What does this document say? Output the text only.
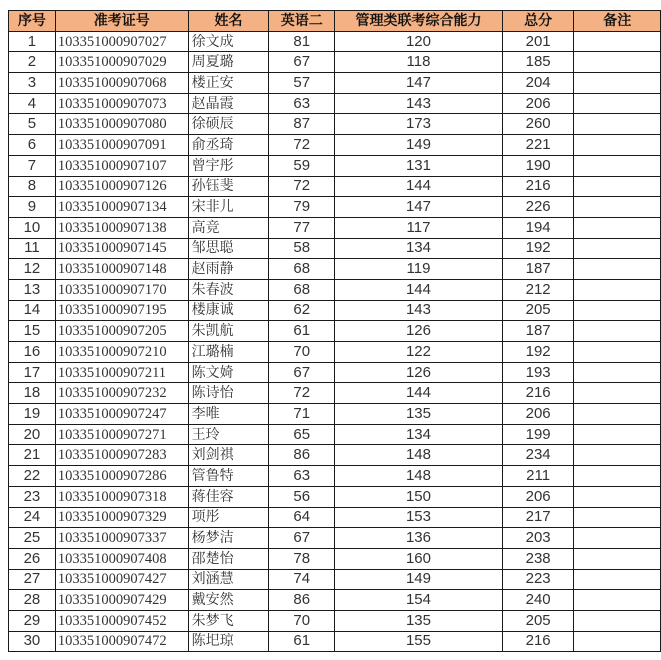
序号	准考证号	姓名	英语二	管理类联考综合能力	总分	备注
1	103351000907027	徐文成	81	120	201	
2	103351000907029	周夏璐	67	118	185	
3	103351000907068	楼正安	57	147	204	
4	103351000907073	赵晶霞	63	143	206	
5	103351000907080	徐硕辰	87	173	260	
6	103351000907091	俞丞琦	72	149	221	
7	103351000907107	曾宇彤	59	131	190	
8	103351000907126	孙钰斐	72	144	216	
9	103351000907134	宋非儿	79	147	226	
10	103351000907138	高竞	77	117	194	
11	103351000907145	邹思聪	58	134	192	
12	103351000907148	赵雨静	68	119	187	
13	103351000907170	朱春波	68	144	212	
14	103351000907195	楼康诚	62	143	205	
15	103351000907205	朱凯航	61	126	187	
16	103351000907210	江璐楠	70	122	192	
17	103351000907211	陈文婍	67	126	193	
18	103351000907232	陈诗怡	72	144	216	
19	103351000907247	李唯	71	135	206	
20	103351000907271	王玲	65	134	199	
21	103351000907283	刘剑祺	86	148	234	
22	103351000907286	管鲁特	63	148	211	
23	103351000907318	蒋佳容	56	150	206	
24	103351000907329	项彤	64	153	217	
25	103351000907337	杨梦洁	67	136	203	
26	103351000907408	邵楚怡	78	160	238	
27	103351000907427	刘涵慧	74	149	223	
28	103351000907429	戴安然	86	154	240	
29	103351000907452	朱梦飞	70	135	205	
30	103351000907472	陈圯琼	61	155	216	
